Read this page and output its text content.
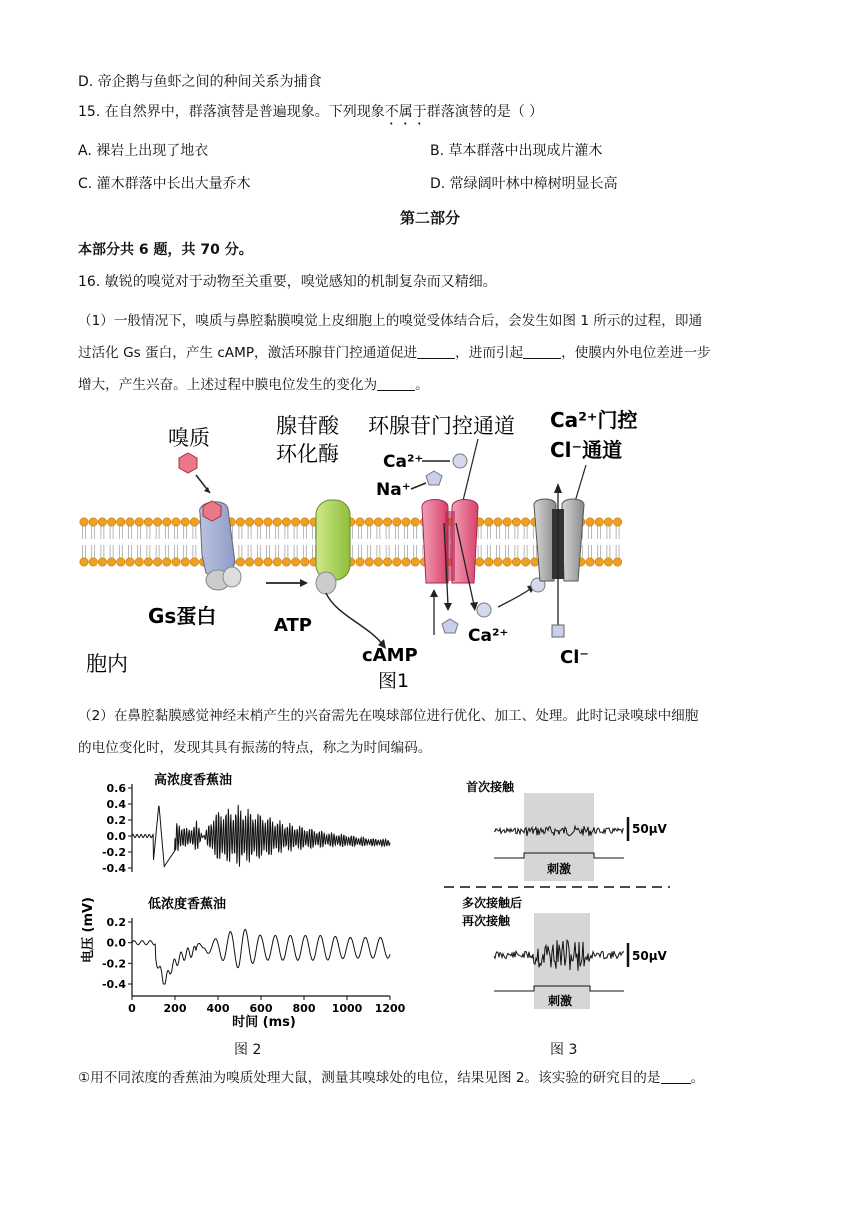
D. 帝企鹅与鱼虾之间的种间关系为捕食
15. 在自然界中，群落演替是普遍现象。下列现象不属于群落演替的是（ ）
A. 裸岩上出现了地衣	B. 草本群落中出现成片灌木
C. 灌木群落中长出大量乔木	D. 常绿阔叶林中樟树明显长高
第二部分
本部分共 6 题，共 70 分。
16. 敏锐的嗅觉对于动物至关重要，嗅觉感知的机制复杂而又精细。
（1）一般情况下，嗅质与鼻腔黏膜嗅觉上皮细胞上的嗅觉受体结合后，会发生如图 1 所示的过程，即通
过活化 Gs 蛋白，产生 cAMP，激活环腺苷门控通道促进	，进而引起	，使膜内外电位差进一步
增大，产生兴奋。上述过程中膜电位发生的变化为	。
嗅质
Gs蛋白
腺苷酸
环化酶
ATP
cAMP
图1
环腺苷门控通道
Ca²⁺
Na⁺
Ca²⁺
Ca²⁺门控
Cl⁻通道
Cl⁻
胞内
（2）在鼻腔黏膜感觉神经末梢产生的兴奋需先在嗅球部位进行优化、加工、处理。此时记录嗅球中细胞
的电位变化时，发现其具有振荡的特点，称之为时间编码。
电压 (mV)
高浓度香蕉油
低浓度香蕉油
时间 (ms)
0.6
0.4
0.2
0.0
-0.2
-0.4
0.2
0.0
-0.2
-0.4
0	200 400 600 800 1000 1200
图 2
首次接触
50μV
刺激
多次接触后
再次接触
50μV
刺激
图 3
①用不同浓度的香蕉油为嗅质处理大鼠，测量其嗅球处的电位，结果见图 2。该实验的研究目的是 。
